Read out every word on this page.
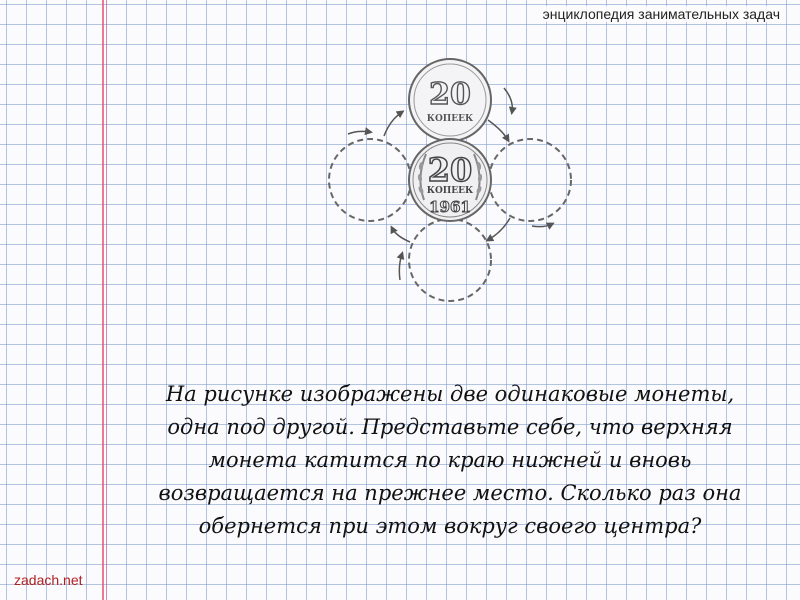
энциклопедия занимательных задач
20
КОПЕЕК
20
КОПЕЕК
1961
На рисунке изображены две одинаковые монеты,
одна под другой. Представьте себе, что верхняя
монета катится по краю нижней и вновь
возвращается на прежнее место. Сколько раз она
обернется при этом вокруг своего центра?
zadach.net
